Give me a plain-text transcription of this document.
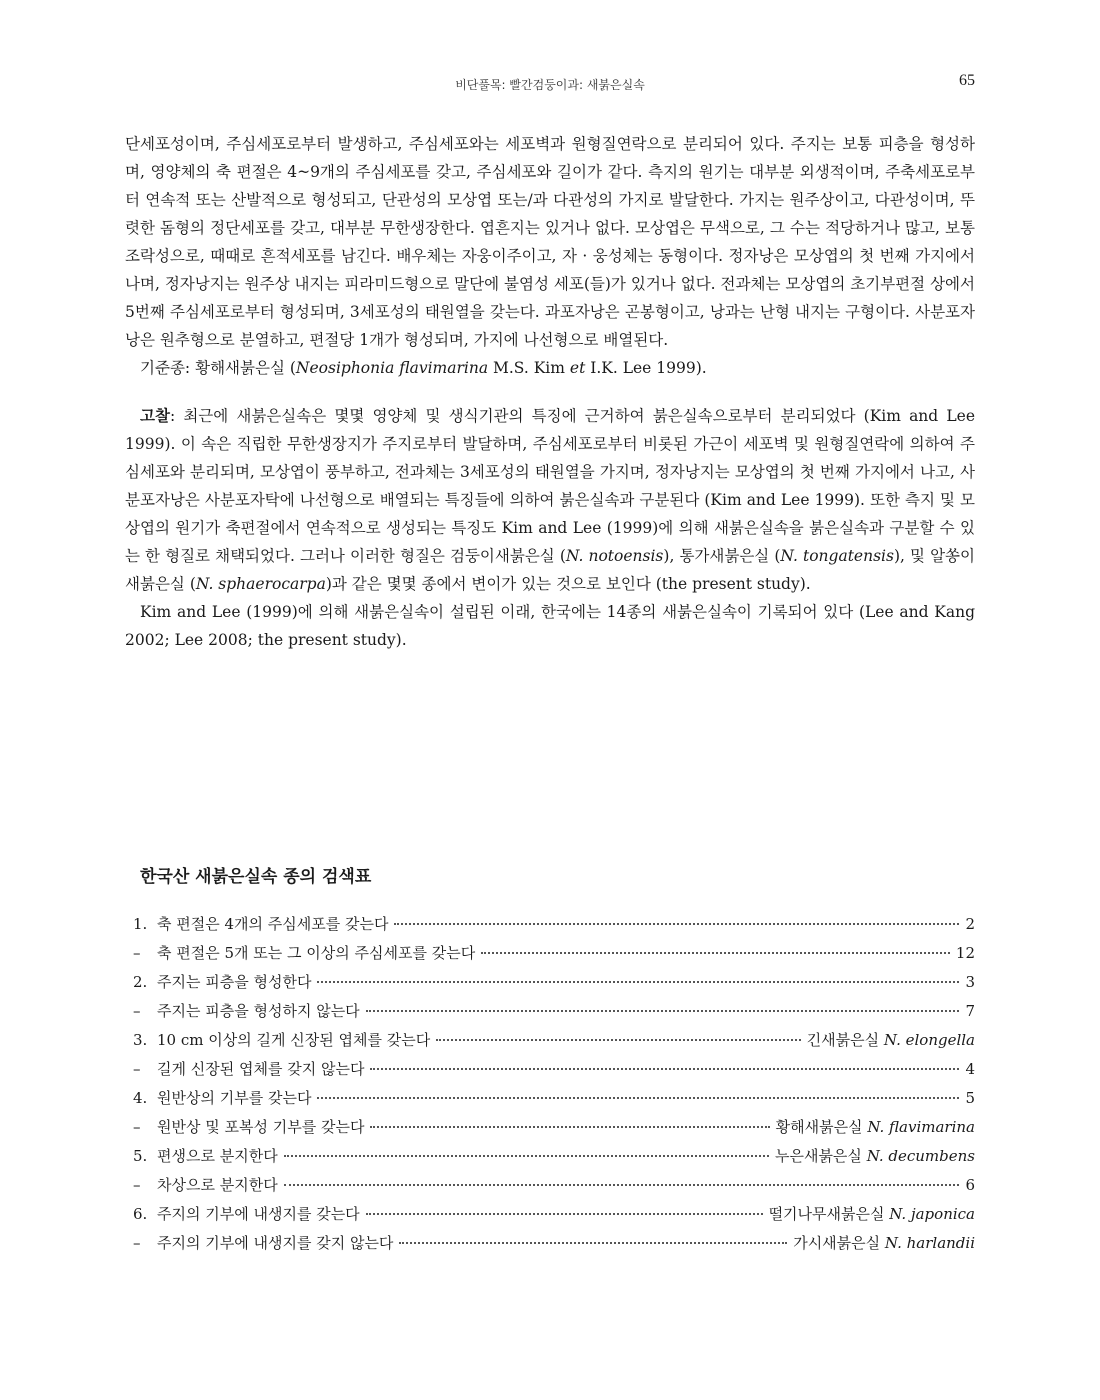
비단풀목: 빨간검둥이과: 새붉은실속	65

단세포성이며, 주심세포로부터 발생하고, 주심세포와는 세포벽과 원형질연락으로 분리되어 있다. 주지는 보통 피층을 형성하며, 영양체의 축 편절은 4~9개의 주심세포를 갖고, 주심세포와 길이가 같다. 측지의 원기는 대부분 외생적이며, 주축세포로부터 연속적 또는 산발적으로 형성되고, 단관성의 모상엽 또는/과 다관성의 가지로 발달한다. 가지는 원주상이고, 다관성이며, 뚜렷한 돔형의 정단세포를 갖고, 대부분 무한생장한다. 엽흔지는 있거나 없다. 모상엽은 무색으로, 그 수는 적당하거나 많고, 보통 조락성으로, 때때로 흔적세포를 남긴다. 배우체는 자웅이주이고, 자 · 웅성체는 동형이다. 정자낭은 모상엽의 첫 번째 가지에서 나며, 정자낭지는 원주상 내지는 피라미드형으로 말단에 불염성 세포(들)가 있거나 없다. 전과체는 모상엽의 초기부편절 상에서 5번째 주심세포로부터 형성되며, 3세포성의 태원열을 갖는다. 과포자낭은 곤봉형이고, 낭과는 난형 내지는 구형이다. 사분포자낭은 원추형으로 분열하고, 편절당 1개가 형성되며, 가지에 나선형으로 배열된다.

기준종: 황해새붉은실 (Neosiphonia flavimarina M.S. Kim et I.K. Lee 1999).

고찰: 최근에 새붉은실속은 몇몇 영양체 및 생식기관의 특징에 근거하여 붉은실속으로부터 분리되었다 (Kim and Lee 1999). 이 속은 직립한 무한생장지가 주지로부터 발달하며, 주심세포로부터 비롯된 가근이 세포벽 및 원형질연락에 의하여 주심세포와 분리되며, 모상엽이 풍부하고, 전과체는 3세포성의 태원열을 가지며, 정자낭지는 모상엽의 첫 번째 가지에서 나고, 사분포자낭은 사분포자탁에 나선형으로 배열되는 특징들에 의하여 붉은실속과 구분된다 (Kim and Lee 1999). 또한 측지 및 모상엽의 원기가 축편절에서 연속적으로 생성되는 특징도 Kim and Lee (1999)에 의해 새붉은실속을 붉은실속과 구분할 수 있는 한 형질로 채택되었다. 그러나 이러한 형질은 검둥이새붉은실 (N. notoensis), 통가새붉은실 (N. tongatensis), 및 알쏭이새붉은실 (N. sphaerocarpa)과 같은 몇몇 종에서 변이가 있는 것으로 보인다 (the present study).

Kim and Lee (1999)에 의해 새붉은실속이 설립된 이래, 한국에는 14종의 새붉은실속이 기록되어 있다 (Lee and Kang 2002; Lee 2008; the present study).

한국산 새붉은실속 종의 검색표
1. 축 편절은 4개의 주심세포를 갖는다	2
–	축 편절은 5개 또는 그 이상의 주심세포를 갖는다	12
2. 주지는 피층을 형성한다	3
–	주지는 피층을 형성하지 않는다	7
3. 10 cm 이상의 길게 신장된 엽체를 갖는다	긴새붉은실 N. elongella
–	길게 신장된 엽체를 갖지 않는다	4
4. 원반상의 기부를 갖는다	5
–	원반상 및 포복성 기부를 갖는다	황해새붉은실 N. flavimarina
5. 편생으로 분지한다	누은새붉은실 N. decumbens
–	차상으로 분지한다	6
6. 주지의 기부에 내생지를 갖는다	떨기나무새붉은실 N. japonica
–	주지의 기부에 내생지를 갖지 않는다	가시새붉은실 N. harlandii
